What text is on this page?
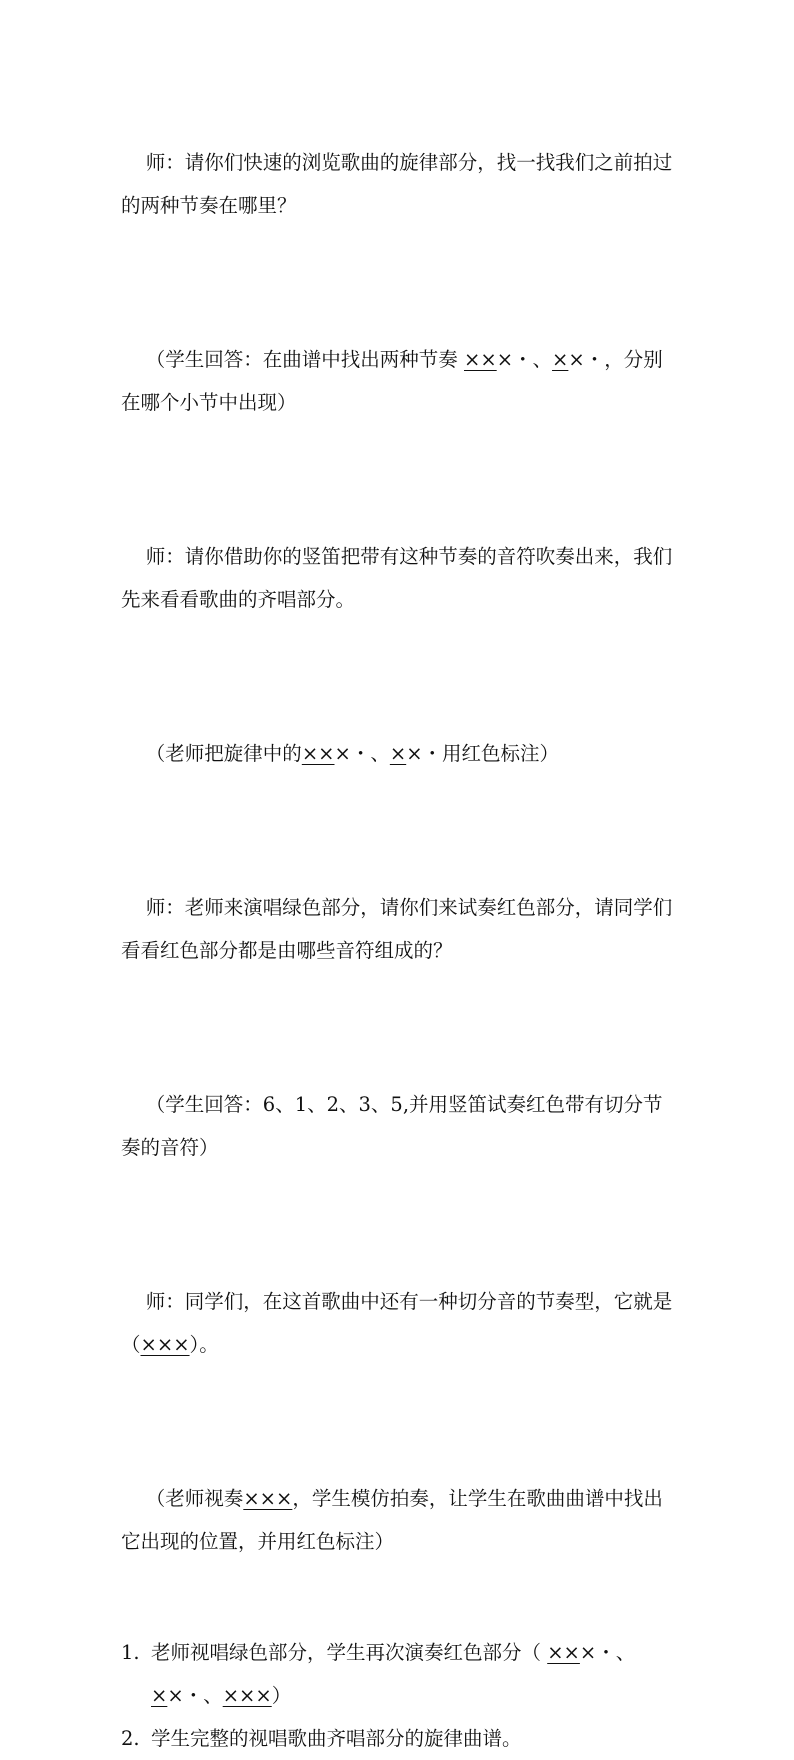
师：请你们快速的浏览歌曲的旋律部分，找一找我们之前拍过的两种节奏在哪里？

（学生回答：在曲谱中找出两种节奏 ×××・、××・，分别在哪个小节中出现）

师：请你借助你的竖笛把带有这种节奏的音符吹奏出来，我们先来看看歌曲的齐唱部分。

（老师把旋律中的×××・、××・用红色标注）

师：老师来演唱绿色部分，请你们来试奏红色部分，请同学们看看红色部分都是由哪些音符组成的？

（学生回答：6、1、2、3、5,并用竖笛试奏红色带有切分节奏的音符）

师：同学们，在这首歌曲中还有一种切分音的节奏型，它就是（×××）。

（老师视奏×××，学生模仿拍奏，让学生在歌曲曲谱中找出它出现的位置，并用红色标注）

1. 老师视唱绿色部分，学生再次演奏红色部分（ ×××・、××・、×××）
2. 学生完整的视唱歌曲齐唱部分的旋律曲谱。
